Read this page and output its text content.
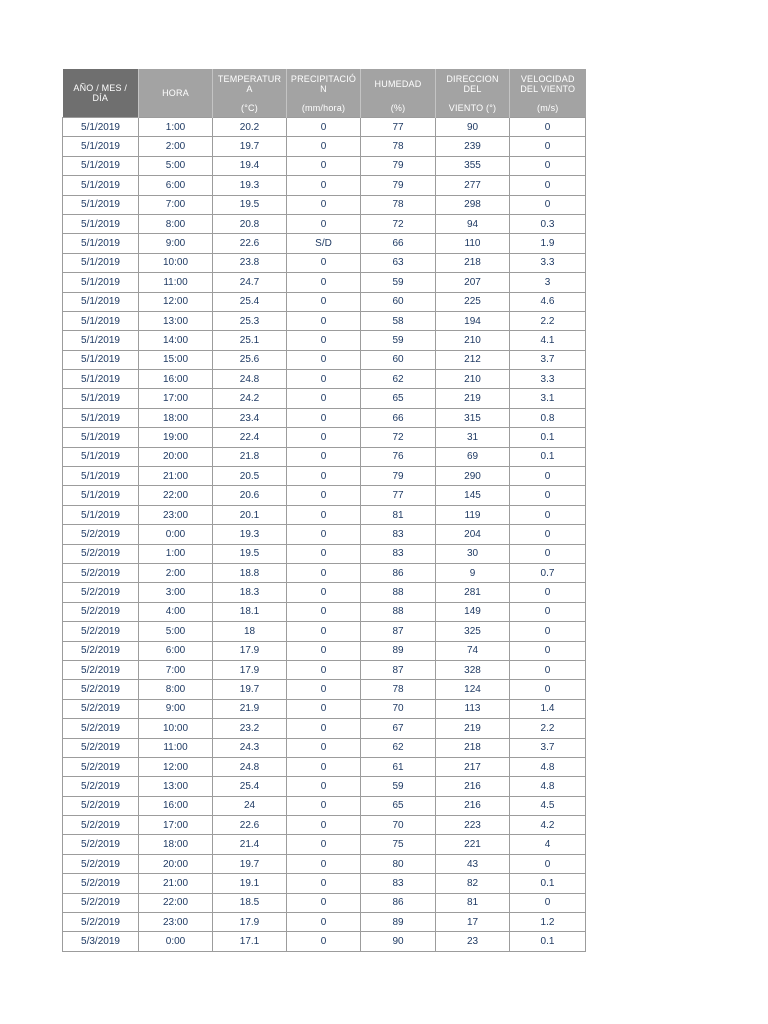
AÑO / MES / DÍA	HORA	TEMPERATUR A	PRECIPITACIÓ N	HUMEDAD	DIRECCION DEL	VELOCIDAD DEL VIENTO
		(°C)	(mm/hora)	(%)	VIENTO (°)	(m/s)
5/1/2019	1:00	20.2	0	77	90	0
5/1/2019	2:00	19.7	0	78	239	0
5/1/2019	5:00	19.4	0	79	355	0
5/1/2019	6:00	19.3	0	79	277	0
5/1/2019	7:00	19.5	0	78	298	0
5/1/2019	8:00	20.8	0	72	94	0.3
5/1/2019	9:00	22.6	S/D	66	110	1.9
5/1/2019	10:00	23.8	0	63	218	3.3
5/1/2019	11:00	24.7	0	59	207	3
5/1/2019	12:00	25.4	0	60	225	4.6
5/1/2019	13:00	25.3	0	58	194	2.2
5/1/2019	14:00	25.1	0	59	210	4.1
5/1/2019	15:00	25.6	0	60	212	3.7
5/1/2019	16:00	24.8	0	62	210	3.3
5/1/2019	17:00	24.2	0	65	219	3.1
5/1/2019	18:00	23.4	0	66	315	0.8
5/1/2019	19:00	22.4	0	72	31	0.1
5/1/2019	20:00	21.8	0	76	69	0.1
5/1/2019	21:00	20.5	0	79	290	0
5/1/2019	22:00	20.6	0	77	145	0
5/1/2019	23:00	20.1	0	81	119	0
5/2/2019	0:00	19.3	0	83	204	0
5/2/2019	1:00	19.5	0	83	30	0
5/2/2019	2:00	18.8	0	86	9	0.7
5/2/2019	3:00	18.3	0	88	281	0
5/2/2019	4:00	18.1	0	88	149	0
5/2/2019	5:00	18	0	87	325	0
5/2/2019	6:00	17.9	0	89	74	0
5/2/2019	7:00	17.9	0	87	328	0
5/2/2019	8:00	19.7	0	78	124	0
5/2/2019	9:00	21.9	0	70	113	1.4
5/2/2019	10:00	23.2	0	67	219	2.2
5/2/2019	11:00	24.3	0	62	218	3.7
5/2/2019	12:00	24.8	0	61	217	4.8
5/2/2019	13:00	25.4	0	59	216	4.8
5/2/2019	16:00	24	0	65	216	4.5
5/2/2019	17:00	22.6	0	70	223	4.2
5/2/2019	18:00	21.4	0	75	221	4
5/2/2019	20:00	19.7	0	80	43	0
5/2/2019	21:00	19.1	0	83	82	0.1
5/2/2019	22:00	18.5	0	86	81	0
5/2/2019	23:00	17.9	0	89	17	1.2
5/3/2019	0:00	17.1	0	90	23	0.1
